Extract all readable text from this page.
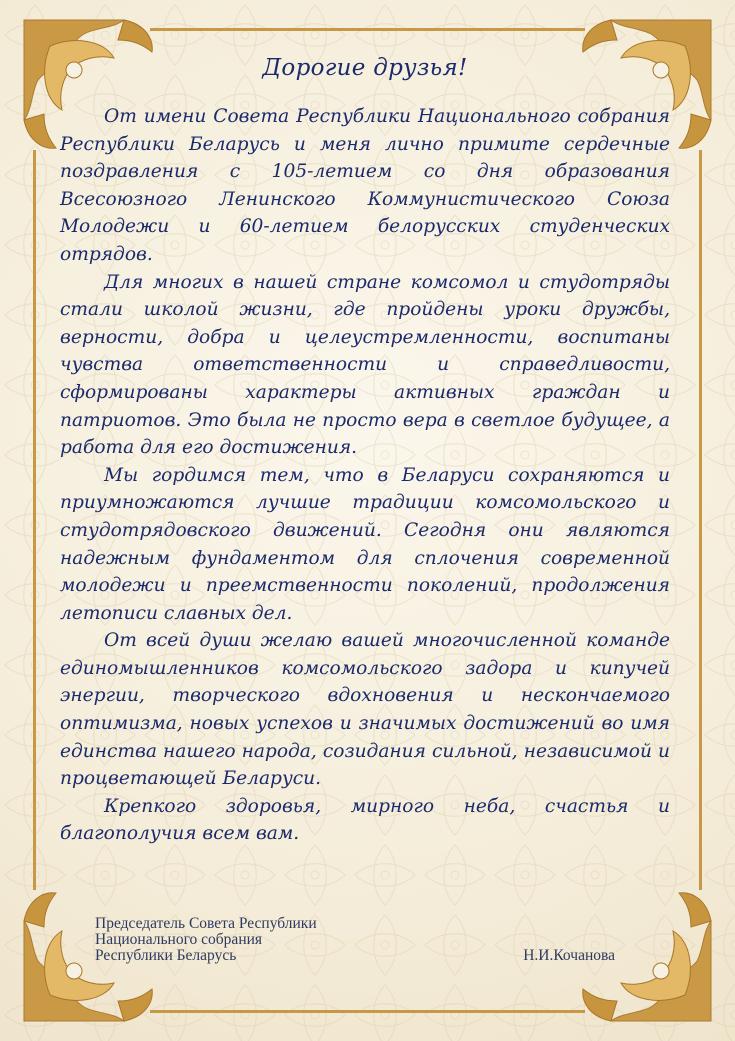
Дорогие друзья!

От имени Совета Республики Национального собрания Республики Беларусь и меня лично примите сердечные поздравления с 105-летием со дня образования Всесоюзного Ленинского Коммунистического Союза Молодежи и 60-летием белорусских студенческих отрядов.

Для многих в нашей стране комсомол и студотряды стали школой жизни, где пройдены уроки дружбы, верности, добра и целеустремленности, воспитаны чувства ответственности и справедливости, сформированы характеры активных граждан и патриотов. Это была не просто вера в светлое будущее, а работа для его достижения.

Мы гордимся тем, что в Беларуси сохраняются и приумножаются лучшие традиции комсомольского и студотрядовского движений. Сегодня они являются надежным фундаментом для сплочения современной молодежи и преемственности поколений, продолжения летописи славных дел.

От всей души желаю вашей многочисленной команде единомышленников комсомольского задора и кипучей энергии, творческого вдохновения и нескончаемого оптимизма, новых успехов и значимых достижений во имя единства нашего народа, созидания сильной, независимой и процветающей Беларуси.

Крепкого здоровья, мирного неба, счастья и благополучия всем вам.

Председатель Совета Республики
Национального собрания
Республики Беларусь	Н.И.Кочанова
